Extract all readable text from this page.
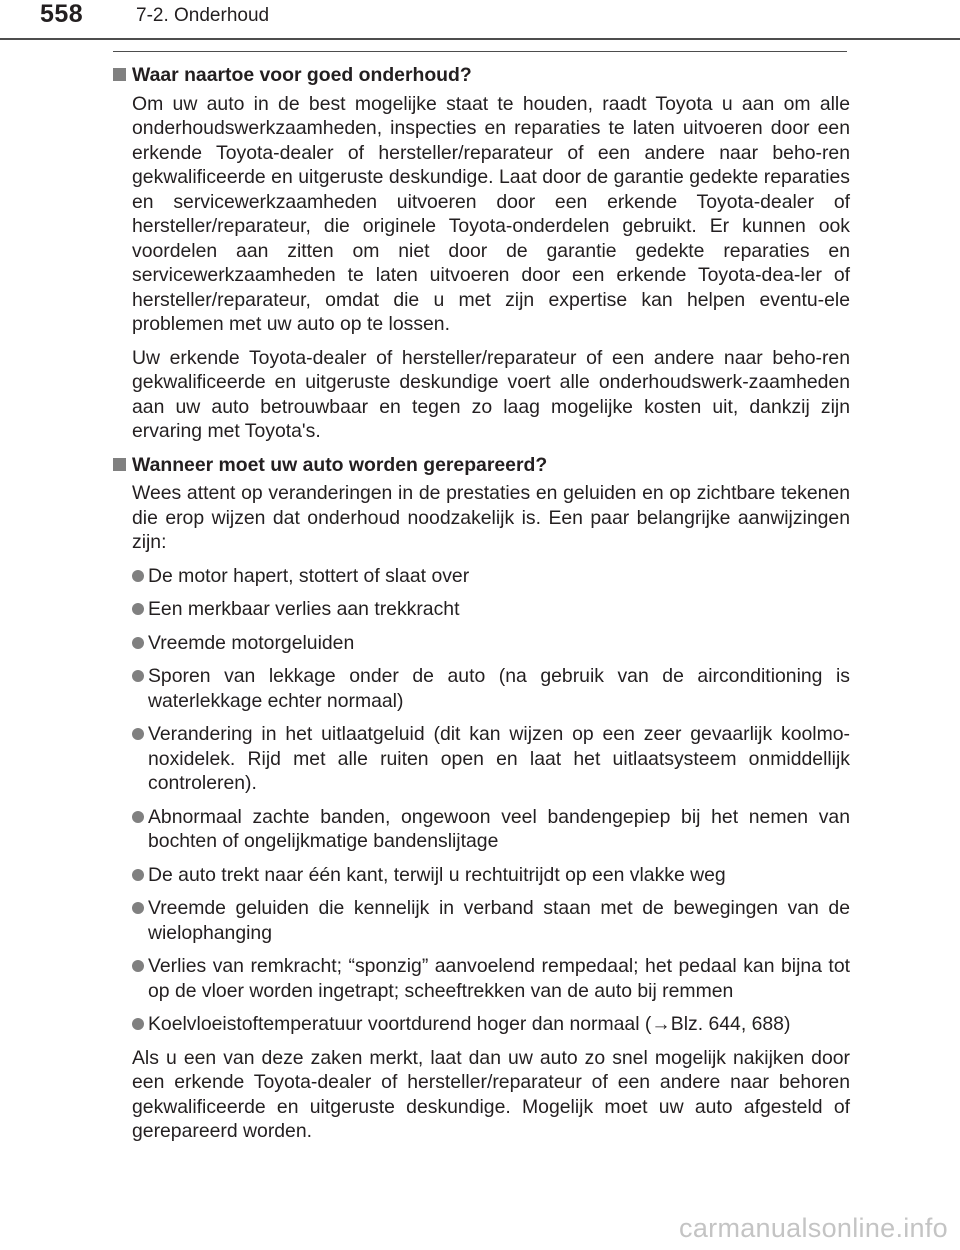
558	7-2. Onderhoud
Waar naartoe voor goed onderhoud?
Om uw auto in de best mogelijke staat te houden, raadt Toyota u aan om alle onderhoudswerkzaamheden, inspecties en reparaties te laten uitvoeren door een erkende Toyota-dealer of hersteller/reparateur of een andere naar beho-ren gekwalificeerde en uitgeruste deskundige. Laat door de garantie gedekte reparaties en servicewerkzaamheden uitvoeren door een erkende Toyota-dealer of hersteller/reparateur, die originele Toyota-onderdelen gebruikt. Er kunnen ook voordelen aan zitten om niet door de garantie gedekte reparaties en servicewerkzaamheden te laten uitvoeren door een erkende Toyota-dea-ler of hersteller/reparateur, omdat die u met zijn expertise kan helpen eventu-ele problemen met uw auto op te lossen.
Uw erkende Toyota-dealer of hersteller/reparateur of een andere naar beho-ren gekwalificeerde en uitgeruste deskundige voert alle onderhoudswerk-zaamheden aan uw auto betrouwbaar en tegen zo laag mogelijke kosten uit, dankzij zijn ervaring met Toyota's.
Wanneer moet uw auto worden gerepareerd?
Wees attent op veranderingen in de prestaties en geluiden en op zichtbare tekenen die erop wijzen dat onderhoud noodzakelijk is. Een paar belangrijke aanwijzingen zijn:
De motor hapert, stottert of slaat over
Een merkbaar verlies aan trekkracht
Vreemde motorgeluiden
Sporen van lekkage onder de auto (na gebruik van de airconditioning is waterlekkage echter normaal)
Verandering in het uitlaatgeluid (dit kan wijzen op een zeer gevaarlijk koolmo-noxidelek. Rijd met alle ruiten open en laat het uitlaatsysteem onmiddellijk controleren).
Abnormaal zachte banden, ongewoon veel bandengepiep bij het nemen van bochten of ongelijkmatige bandenslijtage
De auto trekt naar één kant, terwijl u rechtuitrijdt op een vlakke weg
Vreemde geluiden die kennelijk in verband staan met de bewegingen van de wielophanging
Verlies van remkracht; “sponzig” aanvoelend rempedaal; het pedaal kan bijna tot op de vloer worden ingetrapt; scheeftrekken van de auto bij remmen
Koelvloeistoftemperatuur voortdurend hoger dan normaal (→Blz. 644, 688)
Als u een van deze zaken merkt, laat dan uw auto zo snel mogelijk nakijken door een erkende Toyota-dealer of hersteller/reparateur of een andere naar behoren gekwalificeerde en uitgeruste deskundige. Mogelijk moet uw auto afgesteld of gerepareerd worden.
carmanualsonline.info
